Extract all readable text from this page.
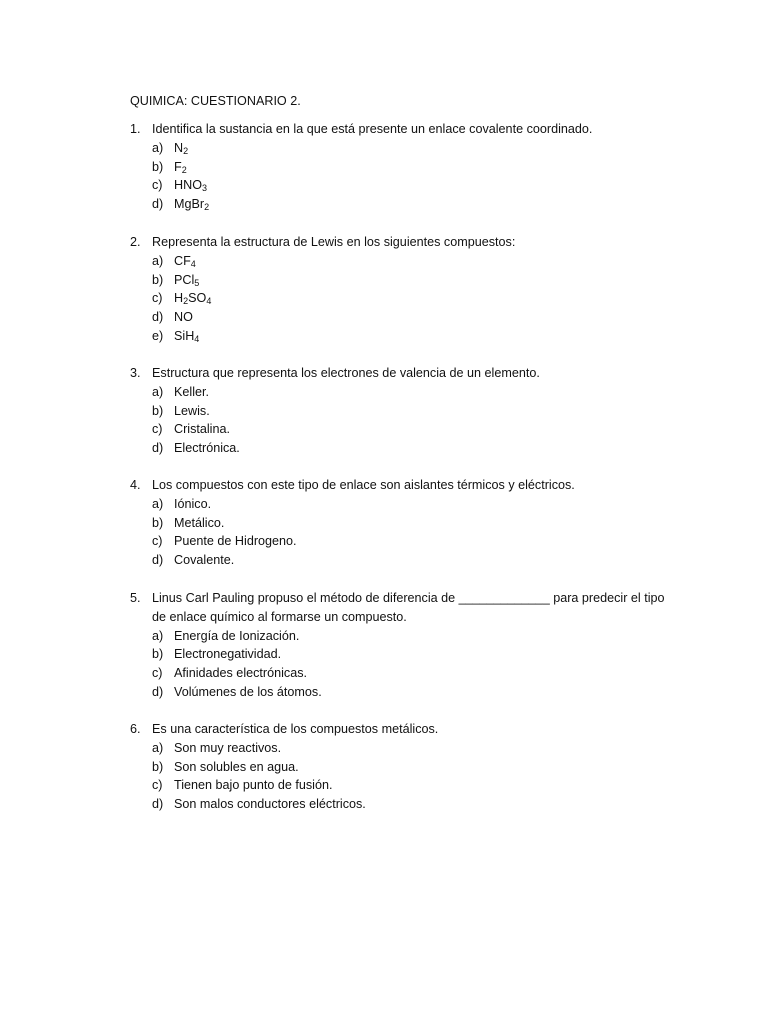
QUIMICA: CUESTIONARIO 2.
1. Identifica la sustancia en la que está presente un enlace covalente coordinado.
a) $N_2$
b) $F_2$
c) $HNO_3$
d) MgBr$_2$
2. Representa la estructura de Lewis en los siguientes compuestos:
a) $CF_4$
b) PCl$_5$
c) $H_2SO_4$
d) NO
e) SiH$_4$
3. Estructura que representa los electrones de valencia de un elemento.
a) Keller.
b) Lewis.
c) Cristalina.
d) Electrónica.
4. Los compuestos con este tipo de enlace son aislantes térmicos y eléctricos.
a) Iónico.
b) Metálico.
c) Puente de Hidrogeno.
d) Covalente.
5. Linus Carl Pauling propuso el método de diferencia de _____________ para predecir el tipo de enlace químico al formarse un compuesto.
a) Energía de Ionización.
b) Electronegatividad.
c) Afinidades electrónicas.
d) Volúmenes de los átomos.
6. Es una característica de los compuestos metálicos.
a) Son muy reactivos.
b) Son solubles en agua.
c) Tienen bajo punto de fusión.
d) Son malos conductores eléctricos.
